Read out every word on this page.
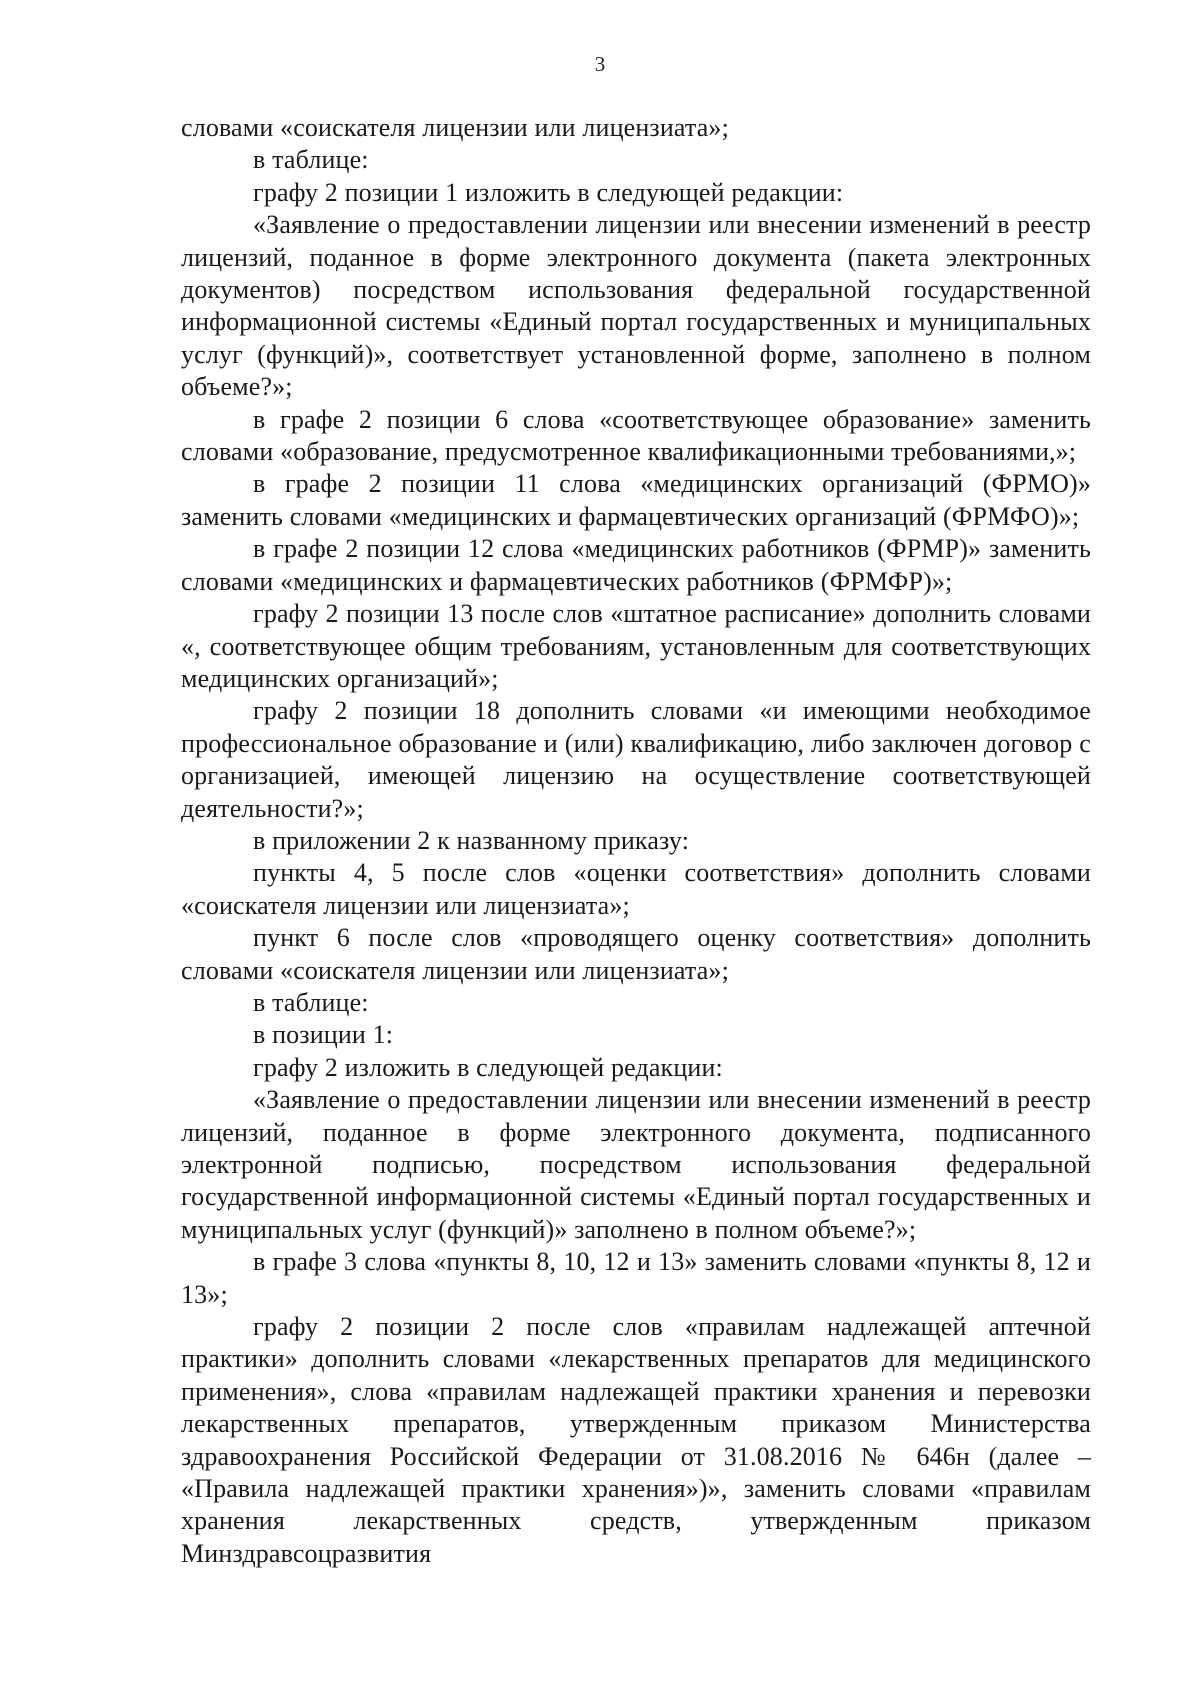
3

словами «соискателя лицензии или лицензиата»;

в таблице:

графу 2 позиции 1 изложить в следующей редакции:

«Заявление о предоставлении лицензии или внесении изменений в реестр лицензий, поданное в форме электронного документа (пакета электронных документов) посредством использования федеральной государственной информационной системы «Единый портал государственных и муниципальных услуг (функций)», соответствует установленной форме, заполнено в полном объеме?»;

в графе 2 позиции 6 слова «соответствующее образование» заменить словами «образование, предусмотренное квалификационными требованиями,»;

в графе 2 позиции 11 слова «медицинских организаций (ФРМО)» заменить словами «медицинских и фармацевтических организаций (ФРМФО)»;

в графе 2 позиции 12 слова «медицинских работников (ФРМР)» заменить словами «медицинских и фармацевтических работников (ФРМФР)»;

графу 2 позиции 13 после слов «штатное расписание» дополнить словами «, соответствующее общим требованиям, установленным для соответствующих медицинских организаций»;

графу 2 позиции 18 дополнить словами «и имеющими необходимое профессиональное образование и (или) квалификацию, либо заключен договор с организацией, имеющей лицензию на осуществление соответствующей деятельности?»;

в приложении 2 к названному приказу:

пункты 4, 5 после слов «оценки соответствия» дополнить словами «соискателя лицензии или лицензиата»;

пункт 6 после слов «проводящего оценку соответствия» дополнить словами «соискателя лицензии или лицензиата»;

в таблице:

в позиции 1:

графу 2 изложить в следующей редакции:

«Заявление о предоставлении лицензии или внесении изменений в реестр лицензий, поданное в форме электронного документа, подписанного электронной подписью, посредством использования федеральной государственной информационной системы «Единый портал государственных и муниципальных услуг (функций)» заполнено в полном объеме?»;

в графе 3 слова «пункты 8, 10, 12 и 13» заменить словами «пункты 8, 12 и 13»;

графу 2 позиции 2 после слов «правилам надлежащей аптечной практики» дополнить словами «лекарственных препаратов для медицинского применения», слова «правилам надлежащей практики хранения и перевозки лекарственных препаратов, утвержденным приказом Министерства здравоохранения Российской Федерации от 31.08.2016 № 646н (далее – «Правила надлежащей практики хранения»)», заменить словами «правилам хранения лекарственных средств, утвержденным приказом Минздравсоцразвития
